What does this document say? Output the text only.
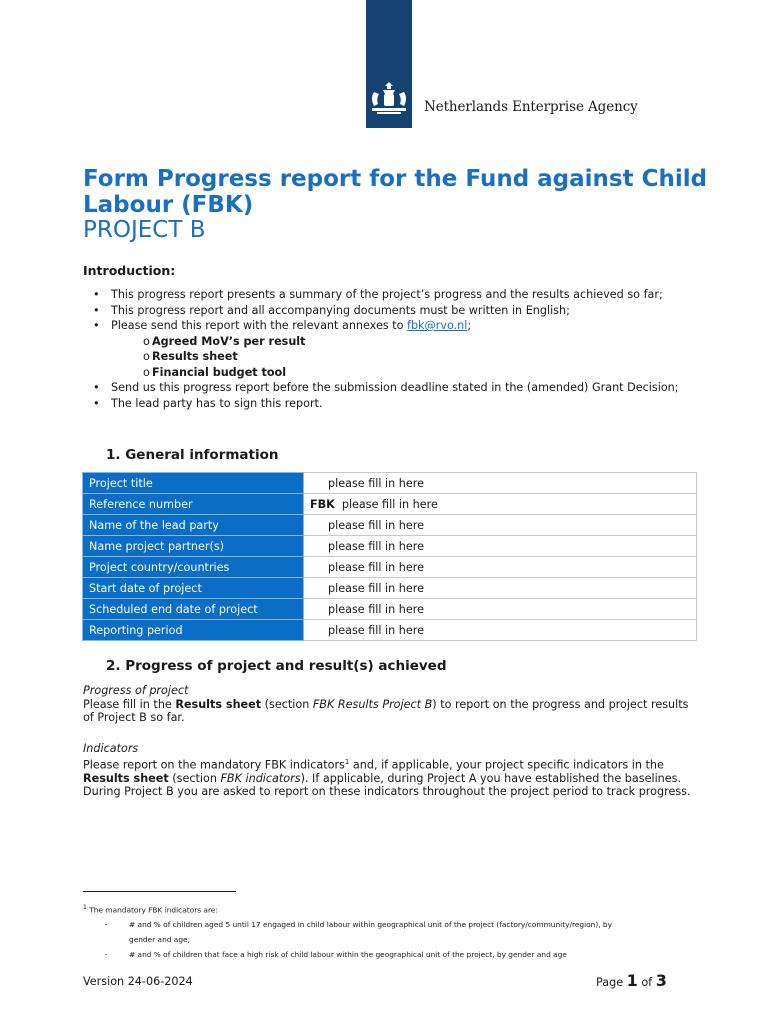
Netherlands Enterprise Agency
Form Progress report for the Fund against Child Labour (FBK)
PROJECT B
Introduction:
•	This progress report presents a summary of the project’s progress and the results achieved so far;
•	This progress report and all accompanying documents must be written in English;
•	Please send this report with the relevant annexes to fbk@rvo.nl;
o Agreed MoV’s per result
o Results sheet
o Financial budget tool
•	Send us this progress report before the submission deadline stated in the (amended) Grant Decision;
•	The lead party has to sign this report.
1. General information
Project title	please fill in here
Reference number	FBK please fill in here
Name of the lead party	please fill in here
Name project partner(s)	please fill in here
Project country/countries	please fill in here
Start date of project	please fill in here
Scheduled end date of project	please fill in here
Reporting period	please fill in here
2. Progress of project and result(s) achieved
Progress of project
Please fill in the Results sheet (section FBK Results Project B) to report on the progress and project results of Project B so far.
Indicators
Please report on the mandatory FBK indicators$^1$ and, if applicable, your project specific indicators in the Results sheet (section FBK indicators). If applicable, during Project A you have established the baselines. During Project B you are asked to report on these indicators throughout the project period to track progress.
$^1$ The mandatory FBK indicators are:
-	# and % of children aged 5 until 17 engaged in child labour within geographical unit of the project (factory/community/region), by
gender and age;
-	# and % of children that face a high risk of child labour within the geographical unit of the project, by gender and age
Version 24-06-2024	Page 1 of 3
